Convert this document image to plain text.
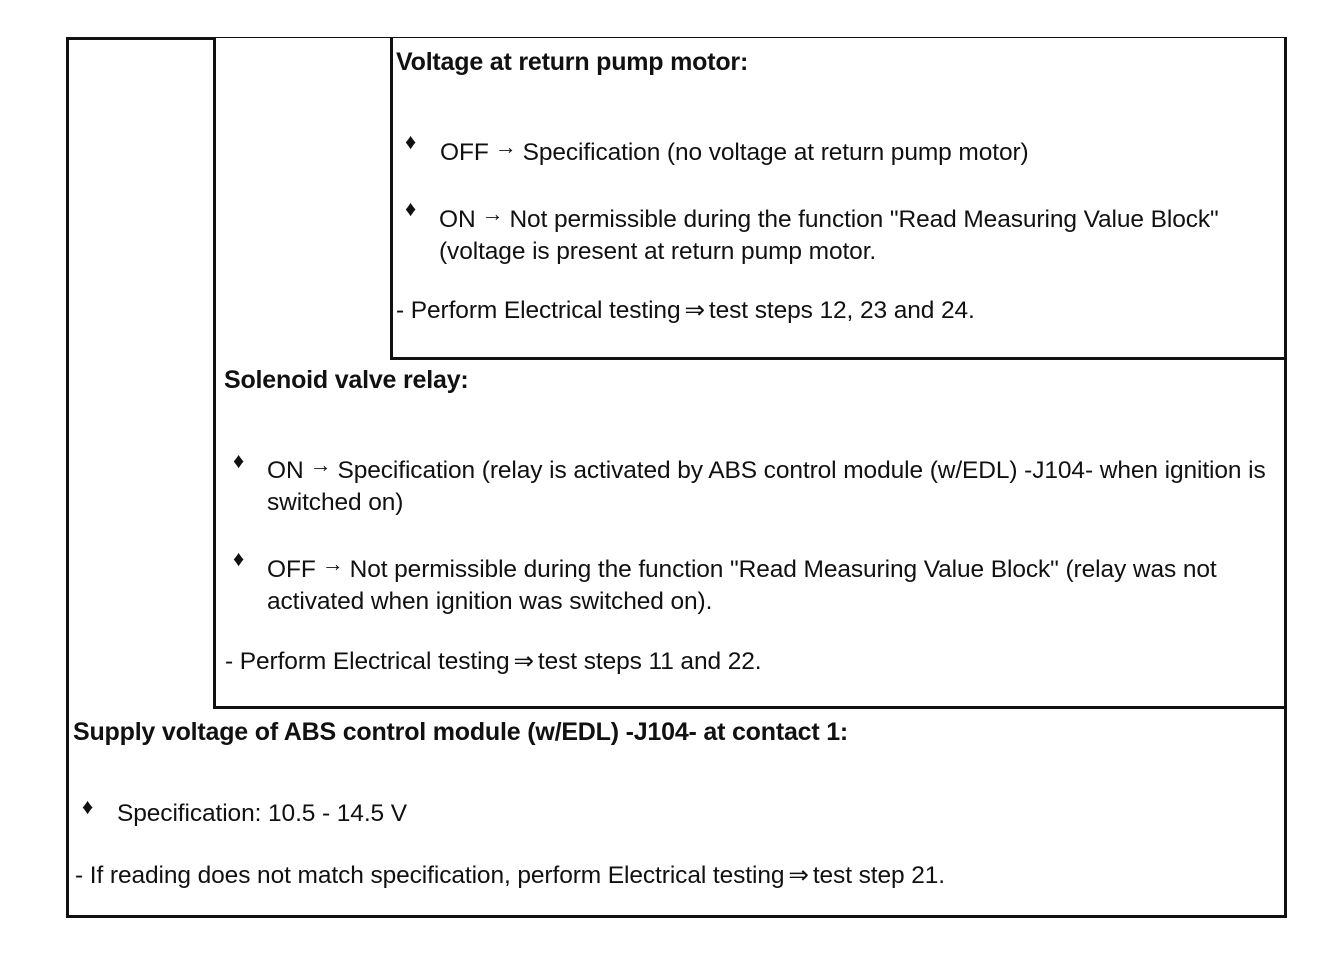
Voltage at return pump motor:
♦ OFF → Specification (no voltage at return pump motor)
♦ ON → Not permissible during the function "Read Measuring Value Block" (voltage is present at return pump motor.
- Perform Electrical testing ⇒ test steps 12, 23 and 24.
Solenoid valve relay:
♦ ON → Specification (relay is activated by ABS control module (w/EDL) -J104- when ignition is switched on)
♦ OFF → Not permissible during the function "Read Measuring Value Block" (relay was not activated when ignition was switched on).
- Perform Electrical testing ⇒ test steps 11 and 22.
Supply voltage of ABS control module (w/EDL) -J104- at contact 1:
♦ Specification: 10.5 - 14.5 V
- If reading does not match specification, perform Electrical testing ⇒ test step 21.
